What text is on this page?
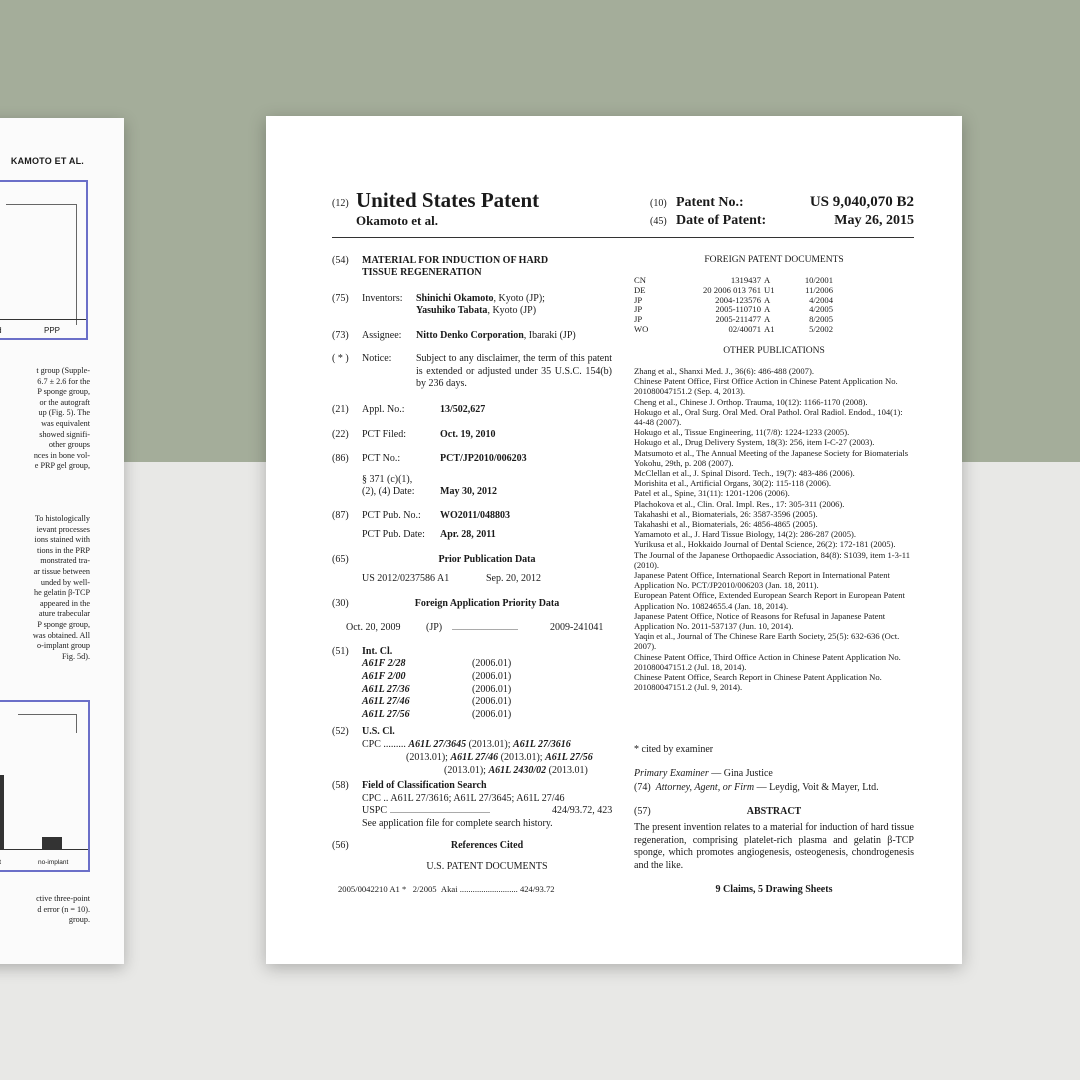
KAMOTO ET AL.
PPP
t group (Supple-
6.7 ± 2.6 for the
P sponge group,
or the autograft
up (Fig. 5). The
was equivalent
showed signifi-
other groups
nces in bone vol-
e PRP gel group,
To histologically
ievant processes
ions stained with
tions in the PRP
monstrated tra-
ar tissue between
unded by well-
he gelatin β-TCP
appeared in the
ature trabecular
P sponge group,
was obtained. All
o-implant group
Fig. 5d).
no-implant
ctive three-point
d error (n = 10).
group.
(12) United States Patent
Okamoto et al.
(10) Patent No.:	US 9,040,070 B2
(45) Date of Patent:	May 26, 2015
(54) MATERIAL FOR INDUCTION OF HARD
TISSUE REGENERATION
(75) Inventors: Shinichi Okamoto, Kyoto (JP);
Yasuhiko Tabata, Kyoto (JP)
(73) Assignee: Nitto Denko Corporation, Ibaraki (JP)
( * ) Notice: Subject to any disclaimer, the term of this patent is extended or adjusted under 35 U.S.C. 154(b) by 236 days.
(21) Appl. No.:	13/502,627
(22) PCT Filed:	Oct. 19, 2010
(86) PCT No.:	PCT/JP2010/006203
§ 371 (c)(1),
(2), (4) Date:	May 30, 2012
(87) PCT Pub. No.: WO2011/048803
PCT Pub. Date: Apr. 28, 2011
(65)	Prior Publication Data
US 2012/0237586 A1	Sep. 20, 2012
(30)	Foreign Application Priority Data
Oct. 20, 2009	(JP) .................................	2009-241041
(51) Int. Cl.
A61F 2/28	(2006.01)
A61F 2/00	(2006.01)
A61L 27/36	(2006.01)
A61L 27/46	(2006.01)
A61L 27/56	(2006.01)
(52) U.S. Cl.
CPC ......... A61L 27/3645 (2013.01); A61L 27/3616
(2013.01); A61L 27/46 (2013.01); A61L 27/56
(2013.01); A61L 2430/02 (2013.01)
(58) Field of Classification Search
CPC .. A61L 27/3616; A61L 27/3645; A61L 27/46
USPC ..................................................	424/93.72, 423
See application file for complete search history.
(56)	References Cited
U.S. PATENT DOCUMENTS
2005/0042210 A1 * 2/2005 Akai ........................... 424/93.72
FOREIGN PATENT DOCUMENTS
CN	1319437	A	10/2001
DE	20 2006 013 761	U1	11/2006
JP	2004-123576	A	4/2004
JP	2005-110710	A	4/2005
JP	2005-211477	A	8/2005
WO	02/40071	A1	5/2002
OTHER PUBLICATIONS
Zhang et al., Shanxi Med. J., 36(6): 486-488 (2007).
Chinese Patent Office, First Office Action in Chinese Patent Application No. 201080047151.2 (Sep. 4, 2013).
Cheng et al., Chinese J. Orthop. Trauma, 10(12): 1166-1170 (2008).
Hokugo et al., Oral Surg. Oral Med. Oral Pathol. Oral Radiol. Endod., 104(1): 44-48 (2007).
Hokugo et al., Tissue Engineering, 11(7/8): 1224-1233 (2005).
Hokugo et al., Drug Delivery System, 18(3): 256, item I-C-27 (2003).
Matsumoto et al., The Annual Meeting of the Japanese Society for Biomaterials Yokohu, 29th, p. 208 (2007).
McClellan et al., J. Spinal Disord. Tech., 19(7): 483-486 (2006).
Morishita et al., Artificial Organs, 30(2): 115-118 (2006).
Patel et al., Spine, 31(11): 1201-1206 (2006).
Plachokova et al., Clin. Oral. Impl. Res., 17: 305-311 (2006).
Takahashi et al., Biomaterials, 26: 3587-3596 (2005).
Takahashi et al., Biomaterials, 26: 4856-4865 (2005).
Yamamoto et al., J. Hard Tissue Biology, 14(2): 286-287 (2005).
Yurikusa et al., Hokkaido Journal of Dental Science, 26(2): 172-181 (2005).
The Journal of the Japanese Orthopaedic Association, 84(8): S1039, item 1-3-11 (2010).
Japanese Patent Office, International Search Report in International Patent Application No. PCT/JP2010/006203 (Jan. 18, 2011).
European Patent Office, Extended European Search Report in European Patent Application No. 10824655.4 (Jan. 18, 2014).
Japanese Patent Office, Notice of Reasons for Refusal in Japanese Patent Application No. 2011-537137 (Jun. 10, 2014).
Yaqin et al., Journal of The Chinese Rare Earth Society, 25(5): 632-636 (Oct. 2007).
Chinese Patent Office, Third Office Action in Chinese Patent Application No. 201080047151.2 (Jul. 18, 2014).
Chinese Patent Office, Search Report in Chinese Patent Application No. 201080047151.2 (Jul. 9, 2014).
* cited by examiner
Primary Examiner — Gina Justice
(74) Attorney, Agent, or Firm — Leydig, Voit & Mayer, Ltd.
(57)	ABSTRACT
The present invention relates to a material for induction of hard tissue regeneration, comprising platelet-rich plasma and gelatin β-TCP sponge, which promotes angiogenesis, osteogenesis, chondrogenesis and the like.
9 Claims, 5 Drawing Sheets
